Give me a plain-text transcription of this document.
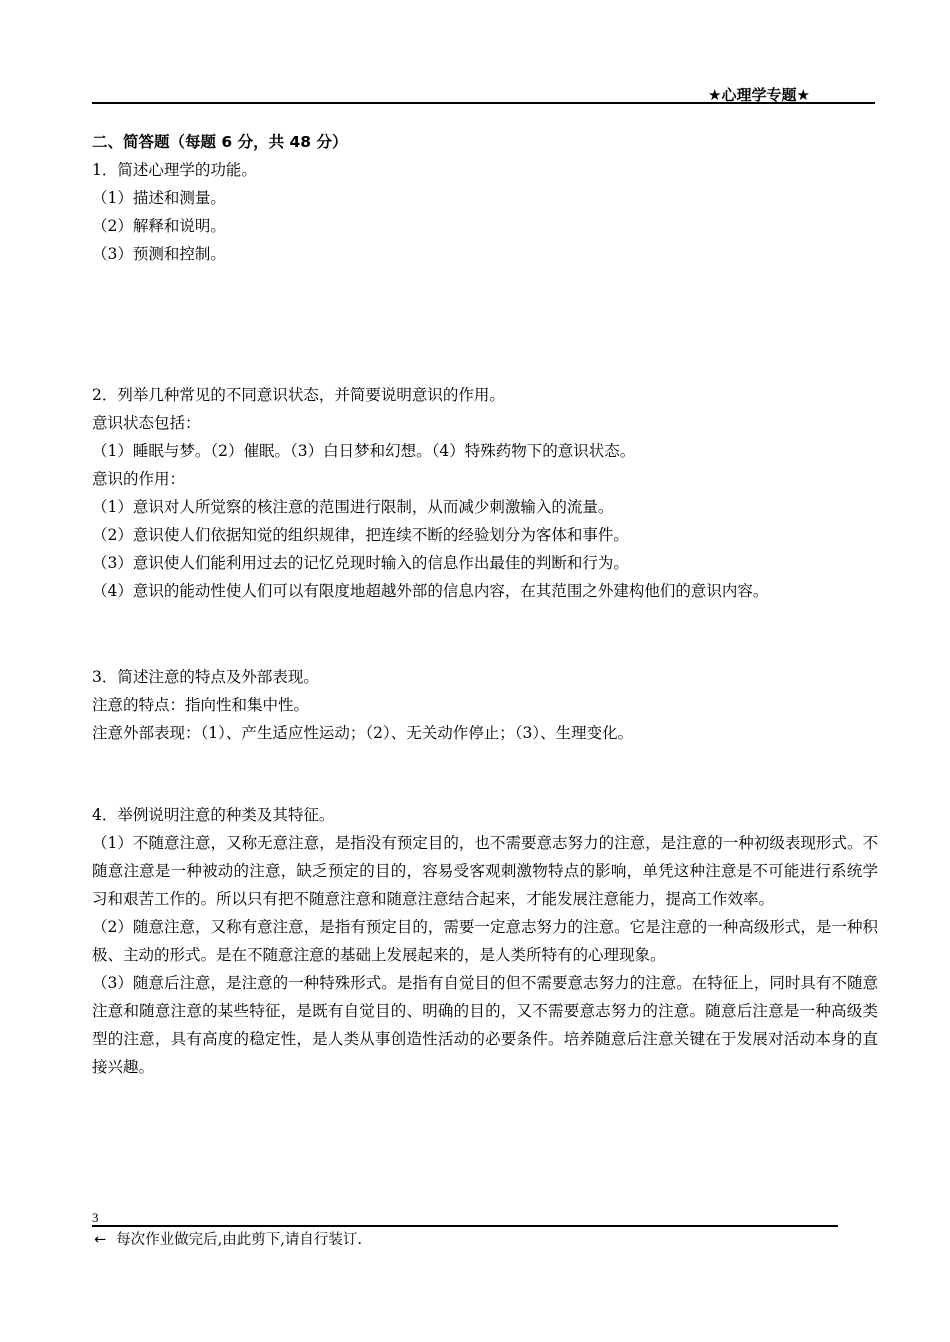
★心理学专题★

二、简答题（每题 6 分，共 48 分）

1．简述心理学的功能。

（1）描述和测量。

（2）解释和说明。

（3）预测和控制。

2．列举几种常见的不同意识状态，并简要说明意识的作用。

意识状态包括：

（1）睡眠与梦。（2）催眠。（3）白日梦和幻想。（4）特殊药物下的意识状态。

意识的作用：

（1）意识对人所觉察的核注意的范围进行限制，从而减少刺激输入的流量。

（2）意识使人们依据知觉的组织规律，把连续不断的经验划分为客体和事件。

（3）意识使人们能利用过去的记忆兑现时输入的信息作出最佳的判断和行为。

（4）意识的能动性使人们可以有限度地超越外部的信息内容，在其范围之外建构他们的意识内容。

3．简述注意的特点及外部表现。

注意的特点：指向性和集中性。

注意外部表现：（1）、产生适应性运动；（2）、无关动作停止；（3）、生理变化。

4．举例说明注意的种类及其特征。

（1）不随意注意，又称无意注意，是指没有预定目的，也不需要意志努力的注意，是注意的一种初级表现形式。不随意注意是一种被动的注意，缺乏预定的目的，容易受客观刺激物特点的影响，单凭这种注意是不可能进行系统学习和艰苦工作的。所以只有把不随意注意和随意注意结合起来，才能发展注意能力，提高工作效率。

（2）随意注意，又称有意注意，是指有预定目的，需要一定意志努力的注意。它是注意的一种高级形式，是一种积极、主动的形式。是在不随意注意的基础上发展起来的，是人类所特有的心理现象。

（3）随意后注意，是注意的一种特殊形式。是指有自觉目的但不需要意志努力的注意。在特征上，同时具有不随意注意和随意注意的某些特征，是既有自觉目的、明确的目的，又不需要意志努力的注意。随意后注意是一种高级类型的注意，具有高度的稳定性，是人类从事创造性活动的必要条件。培养随意后注意关键在于发展对活动本身的直接兴趣。

3
← 每次作业做完后,由此剪下,请自行装订.
